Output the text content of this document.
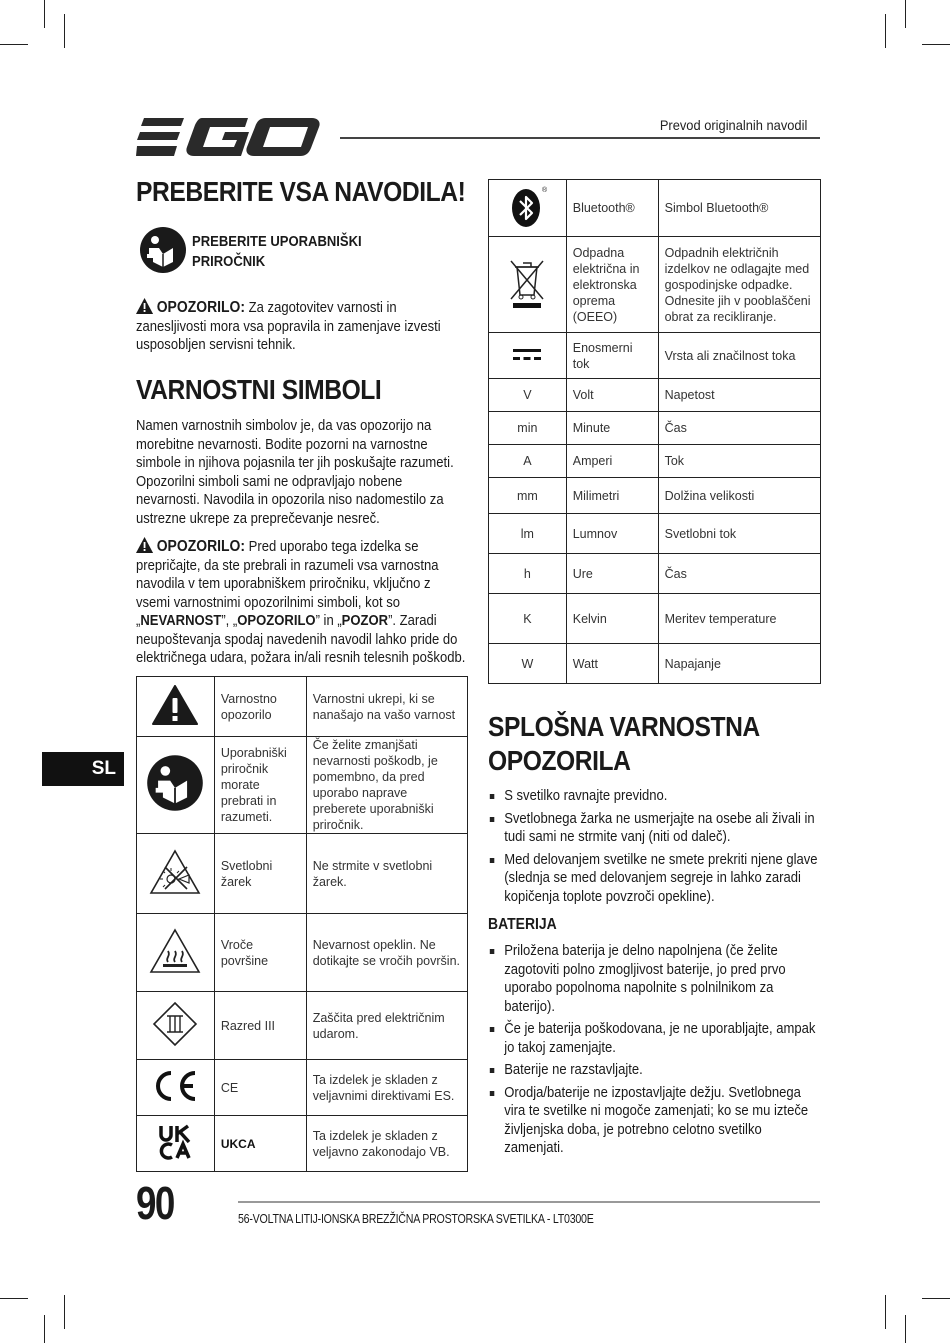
Prevod originalnih navodil
PREBERITE VSA NAVODILA!
PREBERITE UPORABNIŠKI PRIROČNIK
OPOZORILO: Za zagotovitev varnosti in zanesljivosti mora vsa popravila in zamenjave izvesti usposobljen servisni tehnik.
VARNOSTNI SIMBOLI
Namen varnostnih simbolov je, da vas opozorijo na morebitne nevarnosti. Bodite pozorni na varnostne simbole in njihova pojasnila ter jih poskušajte razumeti. Opozorilni simboli sami ne odpravljajo nobene nevarnosti. Navodila in opozorila niso nadomestilo za ustrezne ukrepe za preprečevanje nesreč.
OPOZORILO: Pred uporabo tega izdelka se prepričajte, da ste prebrali in razumeli vsa varnostna navodila v tem uporabniškem priročniku, vključno z vsemi varnostnimi opozorilnimi simboli, kot so „NEVARNOST”, „OPOZORILO” in „POZOR”. Zaradi neupoštevanja spodaj navedenih navodil lahko pride do električnega udara, požara in/ali resnih telesnih poškodb.
	Varnostno opozorilo	Varnostni ukrepi, ki se nanašajo na vašo varnost
	Uporabniški priročnik morate prebrati in razumeti.	Če želite zmanjšati nevarnosti poškodb, je pomembno, da pred uporabo naprave preberete uporabniški priročnik.
	Svetlobni žarek	Ne strmite v svetlobni žarek.
	Vroče površine	Nevarnost opeklin. Ne dotikajte se vročih površin.
	Razred III	Zaščita pred električnim udarom.
	CE	Ta izdelek je skladen z veljavnimi direktivami ES.
	UKCA	Ta izdelek je skladen z veljavno zakonodajo VB.
SL
®	Bluetooth®	Simbol Bluetooth®
	Odpadna električna in elektronska oprema (OEEO)	Odpadnih električnih izdelkov ne odlagajte med gospodinjske odpadke. Odnesite jih v pooblaščeni obrat za recikliranje.
	Enosmerni tok	Vrsta ali značilnost toka
V	Volt	Napetost
min	Minute	Čas
A	Amperi	Tok
mm	Milimetri	Dolžina velikosti
lm	Lumnov	Svetlobni tok
h	Ure	Čas
K	Kelvin	Meritev temperature
W	Watt	Napajanje
SPLOŠNA VARNOSTNA
OPOZORILA
S svetilko ravnajte previdno.
Svetlobnega žarka ne usmerjajte na osebe ali živali in tudi sami ne strmite vanj (niti od daleč).
Med delovanjem svetilke ne smete prekriti njene glave (slednja se med delovanjem segreje in lahko zaradi kopičenja toplote povzroči opekline).
BATERIJA
Priložena baterija je delno napolnjena (če želite zagotoviti polno zmogljivost baterije, jo pred prvo uporabo popolnoma napolnite s polnilnikom za baterijo).
Če je baterija poškodovana, je ne uporabljajte, ampak jo takoj zamenjajte.
Baterije ne razstavljajte.
Orodja/baterije ne izpostavljajte dežju. Svetlobnega vira te svetilke ni mogoče zamenjati; ko se mu izteče življenjska doba, je potrebno celotno svetilko zamenjati.
90	56-VOLTNA LITIJ-IONSKA BREZŽIČNA PROSTORSKA SVETILKA - LT0300E
